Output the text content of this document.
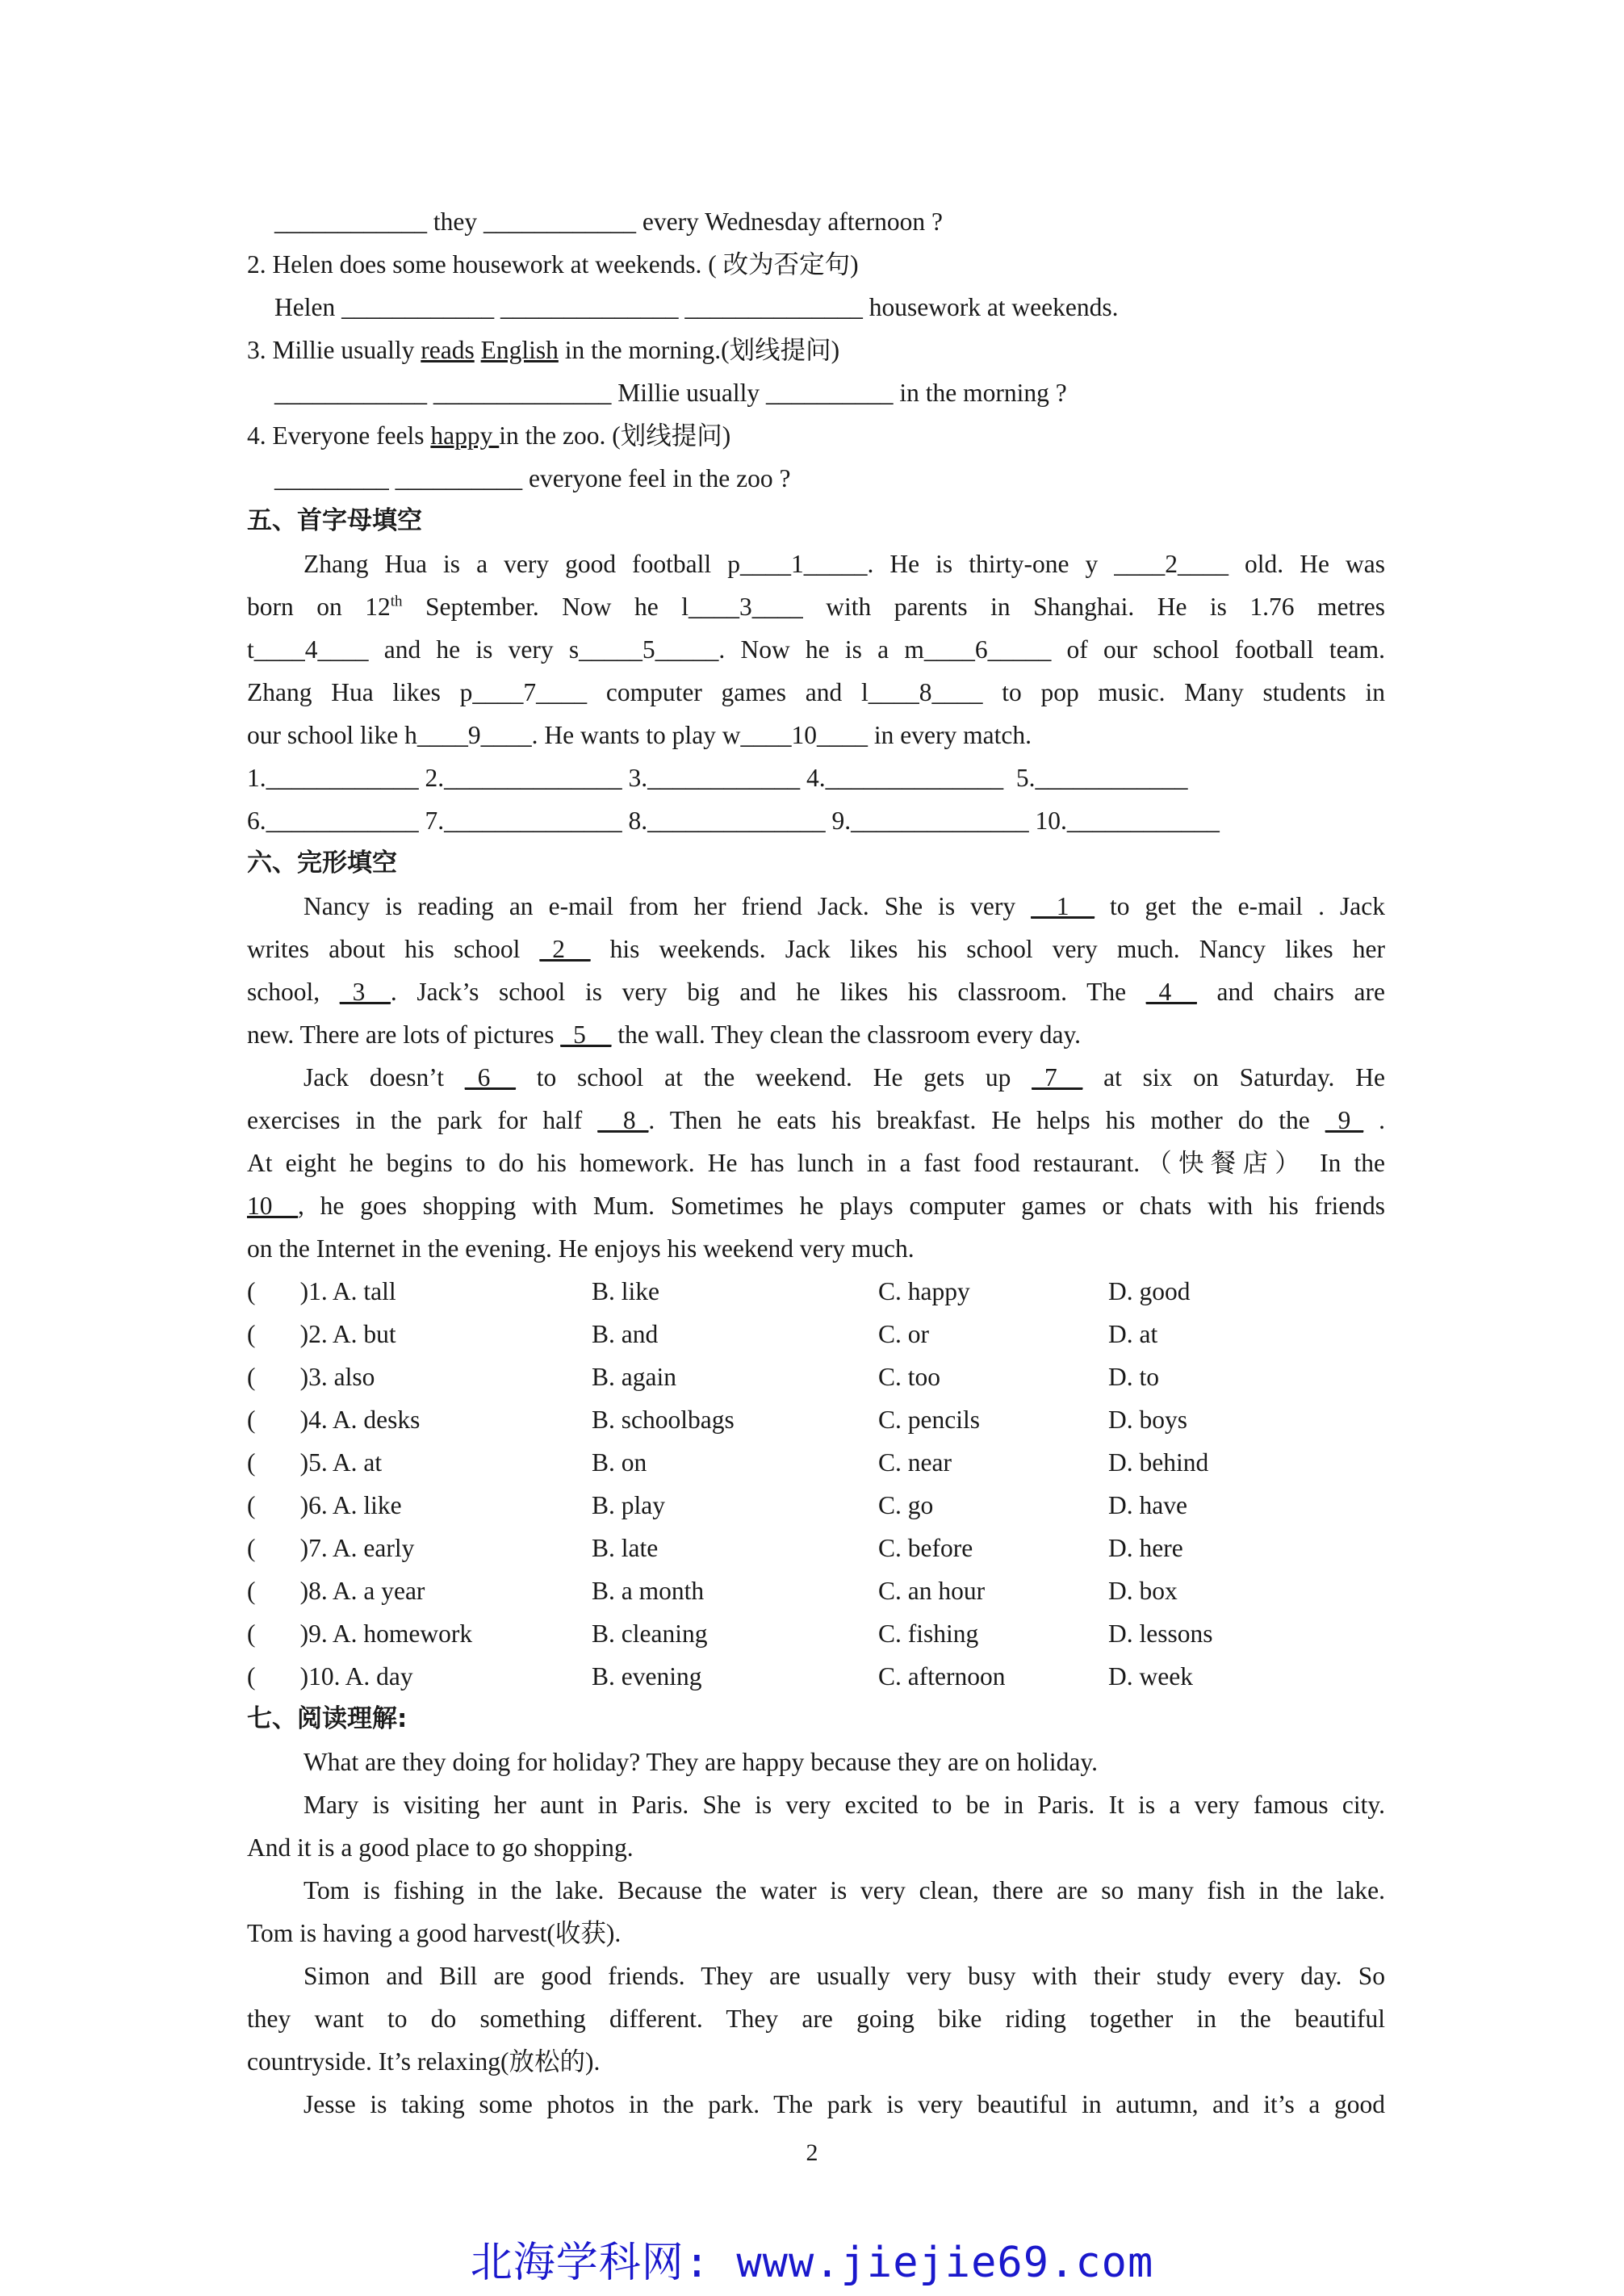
____________ they ____________ every Wednesday afternoon ?
2. Helen does some housework at weekends. ( 改为否定句)
Helen ____________ ______________ ______________ housework at weekends.
3. Millie usually reads English in the morning.(划线提问)
____________ ______________ Millie usually __________ in the morning ?
4. Everyone feels happy in the zoo. (划线提问)
_________ __________ everyone feel in the zoo ?
五、首字母填空
Zhang Hua is a very good football p____1_____. He is thirty-one y ____2____ old. He was
born on 12th September. Now he l____3____ with parents in Shanghai. He is 1.76 metres
t____4____ and he is very s_____5_____. Now he is a m____6_____ of our school football team.
Zhang Hua likes p____7____ computer games and l____8____ to pop music. Many students in
our school like h____9____. He wants to play w____10____ in every match.
1.____________ 2.______________ 3.____________ 4.______________  5.____________
6.____________ 7.______________ 8.______________ 9.______________ 10.____________
六、完形填空
Nancy is reading an e-mail from her friend Jack. She is very __1__ to get the e-mail . Jack
writes about his school _2__ his weekends. Jack likes his school very much. Nancy likes her
school, _3__. Jack’s school is very big and he likes his classroom. The _4__ and chairs are
new. There are lots of pictures _5__ the wall. They clean the classroom every day.
Jack doesn’t _6__ to school at the weekend. He gets up _7__ at six on Saturday. He
exercises in the park for half __8_. Then he eats his breakfast. He helps his mother do the _9_ .
At eight he begins to do his homework. He has lunch in a fast food restaurant.（快餐店） In the
10__, he goes shopping with Mum. Sometimes he plays computer games or chats with his friends
on the Internet in the evening. He enjoys his weekend very much.
(       )1. A. tall	B. like	C. happy	D. good
(       )2. A. but	B. and	C. or	D. at
(       )3. also	B. again	C. too	D. to
(       )4. A. desks	B. schoolbags	C. pencils	D. boys
(       )5. A. at	B. on	C. near	D. behind
(       )6. A. like	B. play	C. go	D. have
(       )7. A. early	B. late	C. before	D. here
(       )8. A. a year	B. a month	C. an hour	D. box
(       )9. A. homework	B. cleaning	C. fishing	D. lessons
(       )10. A. day	B. evening	C. afternoon	D. week
七、阅读理解:
What are they doing for holiday? They are happy because they are on holiday.
Mary is visiting her aunt in Paris. She is very excited to be in Paris. It is a very famous city.
And it is a good place to go shopping.
Tom is fishing in the lake. Because the water is very clean, there are so many fish in the lake.
Tom is having a good harvest(收获).
Simon and Bill are good friends. They are usually very busy with their study every day. So
they want to do something different. They are going bike riding together in the beautiful
countryside. It’s relaxing(放松的).
Jesse is taking some photos in the park. The park is very beautiful in autumn, and it’s a good
2
北海学科网: www.jiejie69.com
